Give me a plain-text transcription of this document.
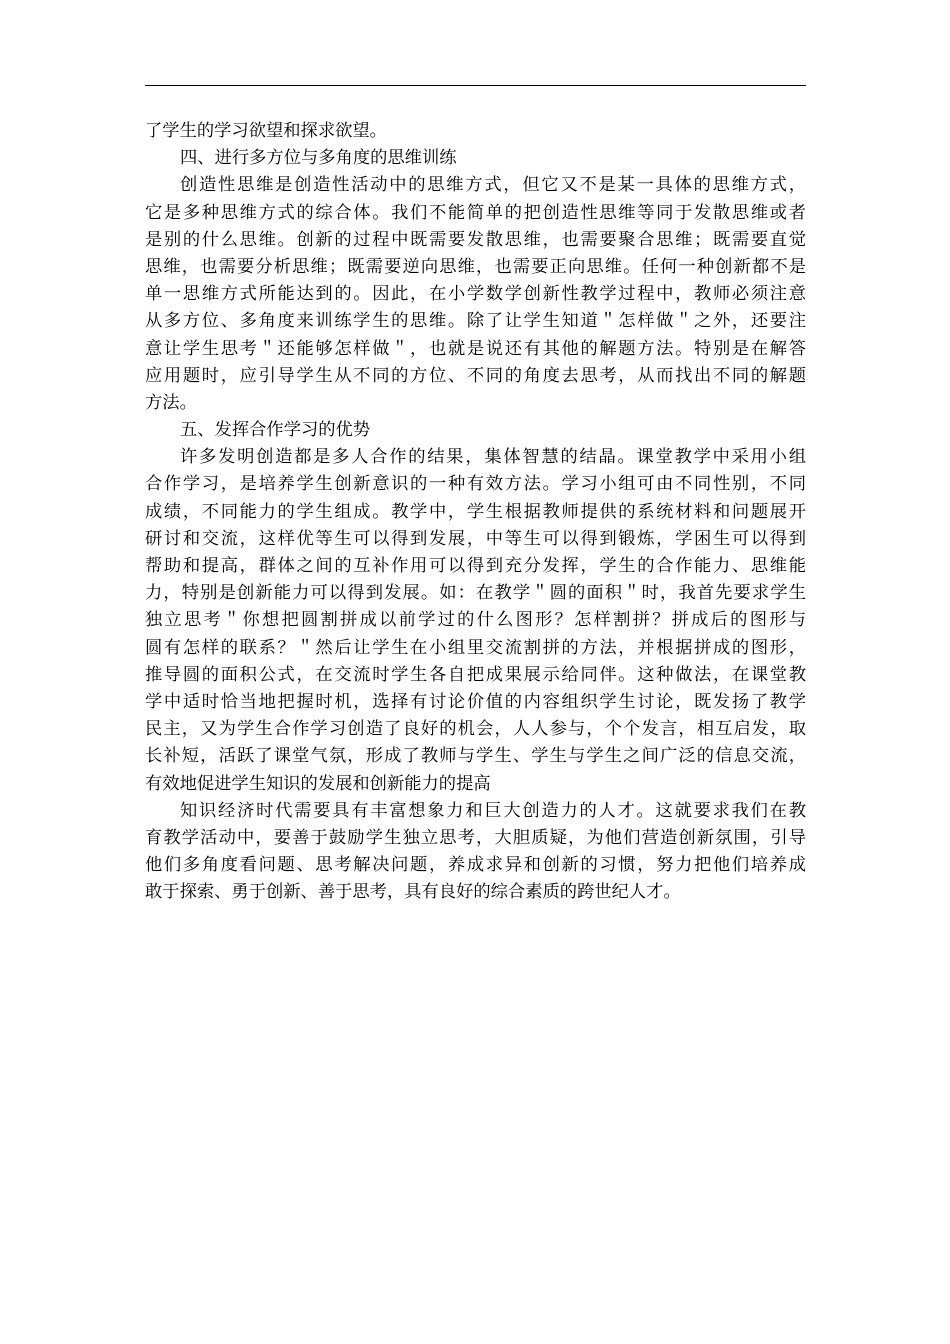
了学生的学习欲望和探求欲望。
四、进行多方位与多角度的思维训练
创造性思维是创造性活动中的思维方式，但它又不是某一具体的思维方式，
它是多种思维方式的综合体。我们不能简单的把创造性思维等同于发散思维或者
是别的什么思维。创新的过程中既需要发散思维，也需要聚合思维；既需要直觉
思维，也需要分析思维；既需要逆向思维，也需要正向思维。任何一种创新都不是
单一思维方式所能达到的。因此，在小学数学创新性教学过程中，教师必须注意
从多方位、多角度来训练学生的思维。除了让学生知道＂怎样做＂之外，还要注
意让学生思考＂还能够怎样做＂，也就是说还有其他的解题方法。特别是在解答
应用题时，应引导学生从不同的方位、不同的角度去思考，从而找出不同的解题
方法。
五、发挥合作学习的优势
许多发明创造都是多人合作的结果，集体智慧的结晶。课堂教学中采用小组
合作学习，是培养学生创新意识的一种有效方法。学习小组可由不同性别，不同
成绩，不同能力的学生组成。教学中，学生根据教师提供的系统材料和问题展开
研讨和交流，这样优等生可以得到发展，中等生可以得到锻炼，学困生可以得到
帮助和提高，群体之间的互补作用可以得到充分发挥，学生的合作能力、思维能
力，特别是创新能力可以得到发展。如：在教学＂圆的面积＂时，我首先要求学生
独立思考＂你想把圆割拼成以前学过的什么图形？怎样割拼？拼成后的图形与
圆有怎样的联系？＂然后让学生在小组里交流割拼的方法，并根据拼成的图形，
推导圆的面积公式，在交流时学生各自把成果展示给同伴。这种做法，在课堂教
学中适时恰当地把握时机，选择有讨论价值的内容组织学生讨论，既发扬了教学
民主，又为学生合作学习创造了良好的机会，人人参与，个个发言，相互启发，取
长补短，活跃了课堂气氛，形成了教师与学生、学生与学生之间广泛的信息交流，
有效地促进学生知识的发展和创新能力的提高
知识经济时代需要具有丰富想象力和巨大创造力的人才。这就要求我们在教
育教学活动中，要善于鼓励学生独立思考，大胆质疑，为他们营造创新氛围，引导
他们多角度看问题、思考解决问题，养成求异和创新的习惯，努力把他们培养成
敢于探索、勇于创新、善于思考，具有良好的综合素质的跨世纪人才。
